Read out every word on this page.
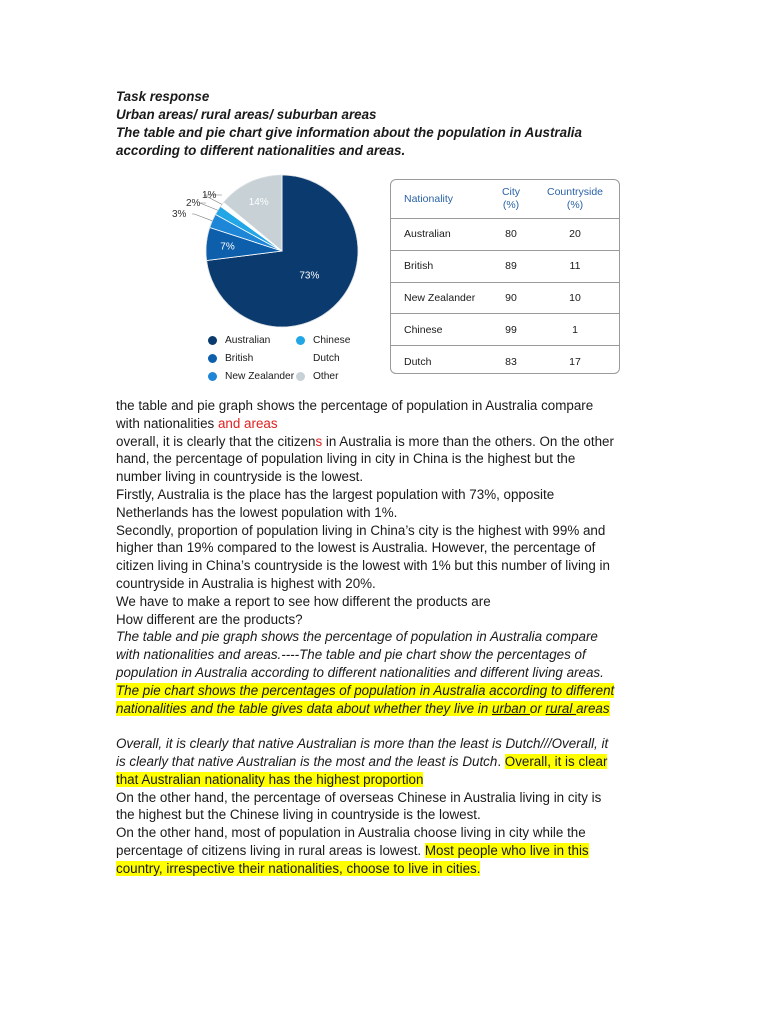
Task response
Urban areas/ rural areas/ suburban areas
The table and pie chart give information about the population in Australia
according to different nationalities and areas.
73%
7%
14%
3%
2%
1%
Australian	Chinese
British	Dutch
New Zealander Other
Nationality
City
(%)
Countryside
(%)
Australian	80	20
British	89	11
New Zealander	90	10
Chinese	99	1
Dutch	83	17
the table and pie graph shows the percentage of population in Australia compare
with nationalities and areas
overall, it is clearly that the citizens in Australia is more than the others. On the other
hand, the percentage of population living in city in China is the highest but the
number living in countryside is the lowest.
Firstly, Australia is the place has the largest population with 73%, opposite
Netherlands has the lowest population with 1%.
Secondly, proportion of population living in China’s city is the highest with 99% and
higher than 19% compared to the lowest is Australia. However, the percentage of
citizen living in China’s countryside is the lowest with 1% but this number of living in
countryside in Australia is highest with 20%.
We have to make a report to see how different the products are
How different are the products?
The table and pie graph shows the percentage of population in Australia compare
with nationalities and areas.----The table and pie chart show the percentages of
population in Australia according to different nationalities and different living areas.
The pie chart shows the percentages of population in Australia according to different
nationalities and the table gives data about whether they live in urban or rural areas
Overall, it is clearly that native Australian is more than the least is Dutch///Overall, it
is clearly that native Australian is the most and the least is Dutch. Overall, it is clear
that Australian nationality has the highest proportion
On the other hand, the percentage of overseas Chinese in Australia living in city is
the highest but the Chinese living in countryside is the lowest.
On the other hand, most of population in Australia choose living in city while the
percentage of citizens living in rural areas is lowest. Most people who live in this
country, irrespective their nationalities, choose to live in cities.
